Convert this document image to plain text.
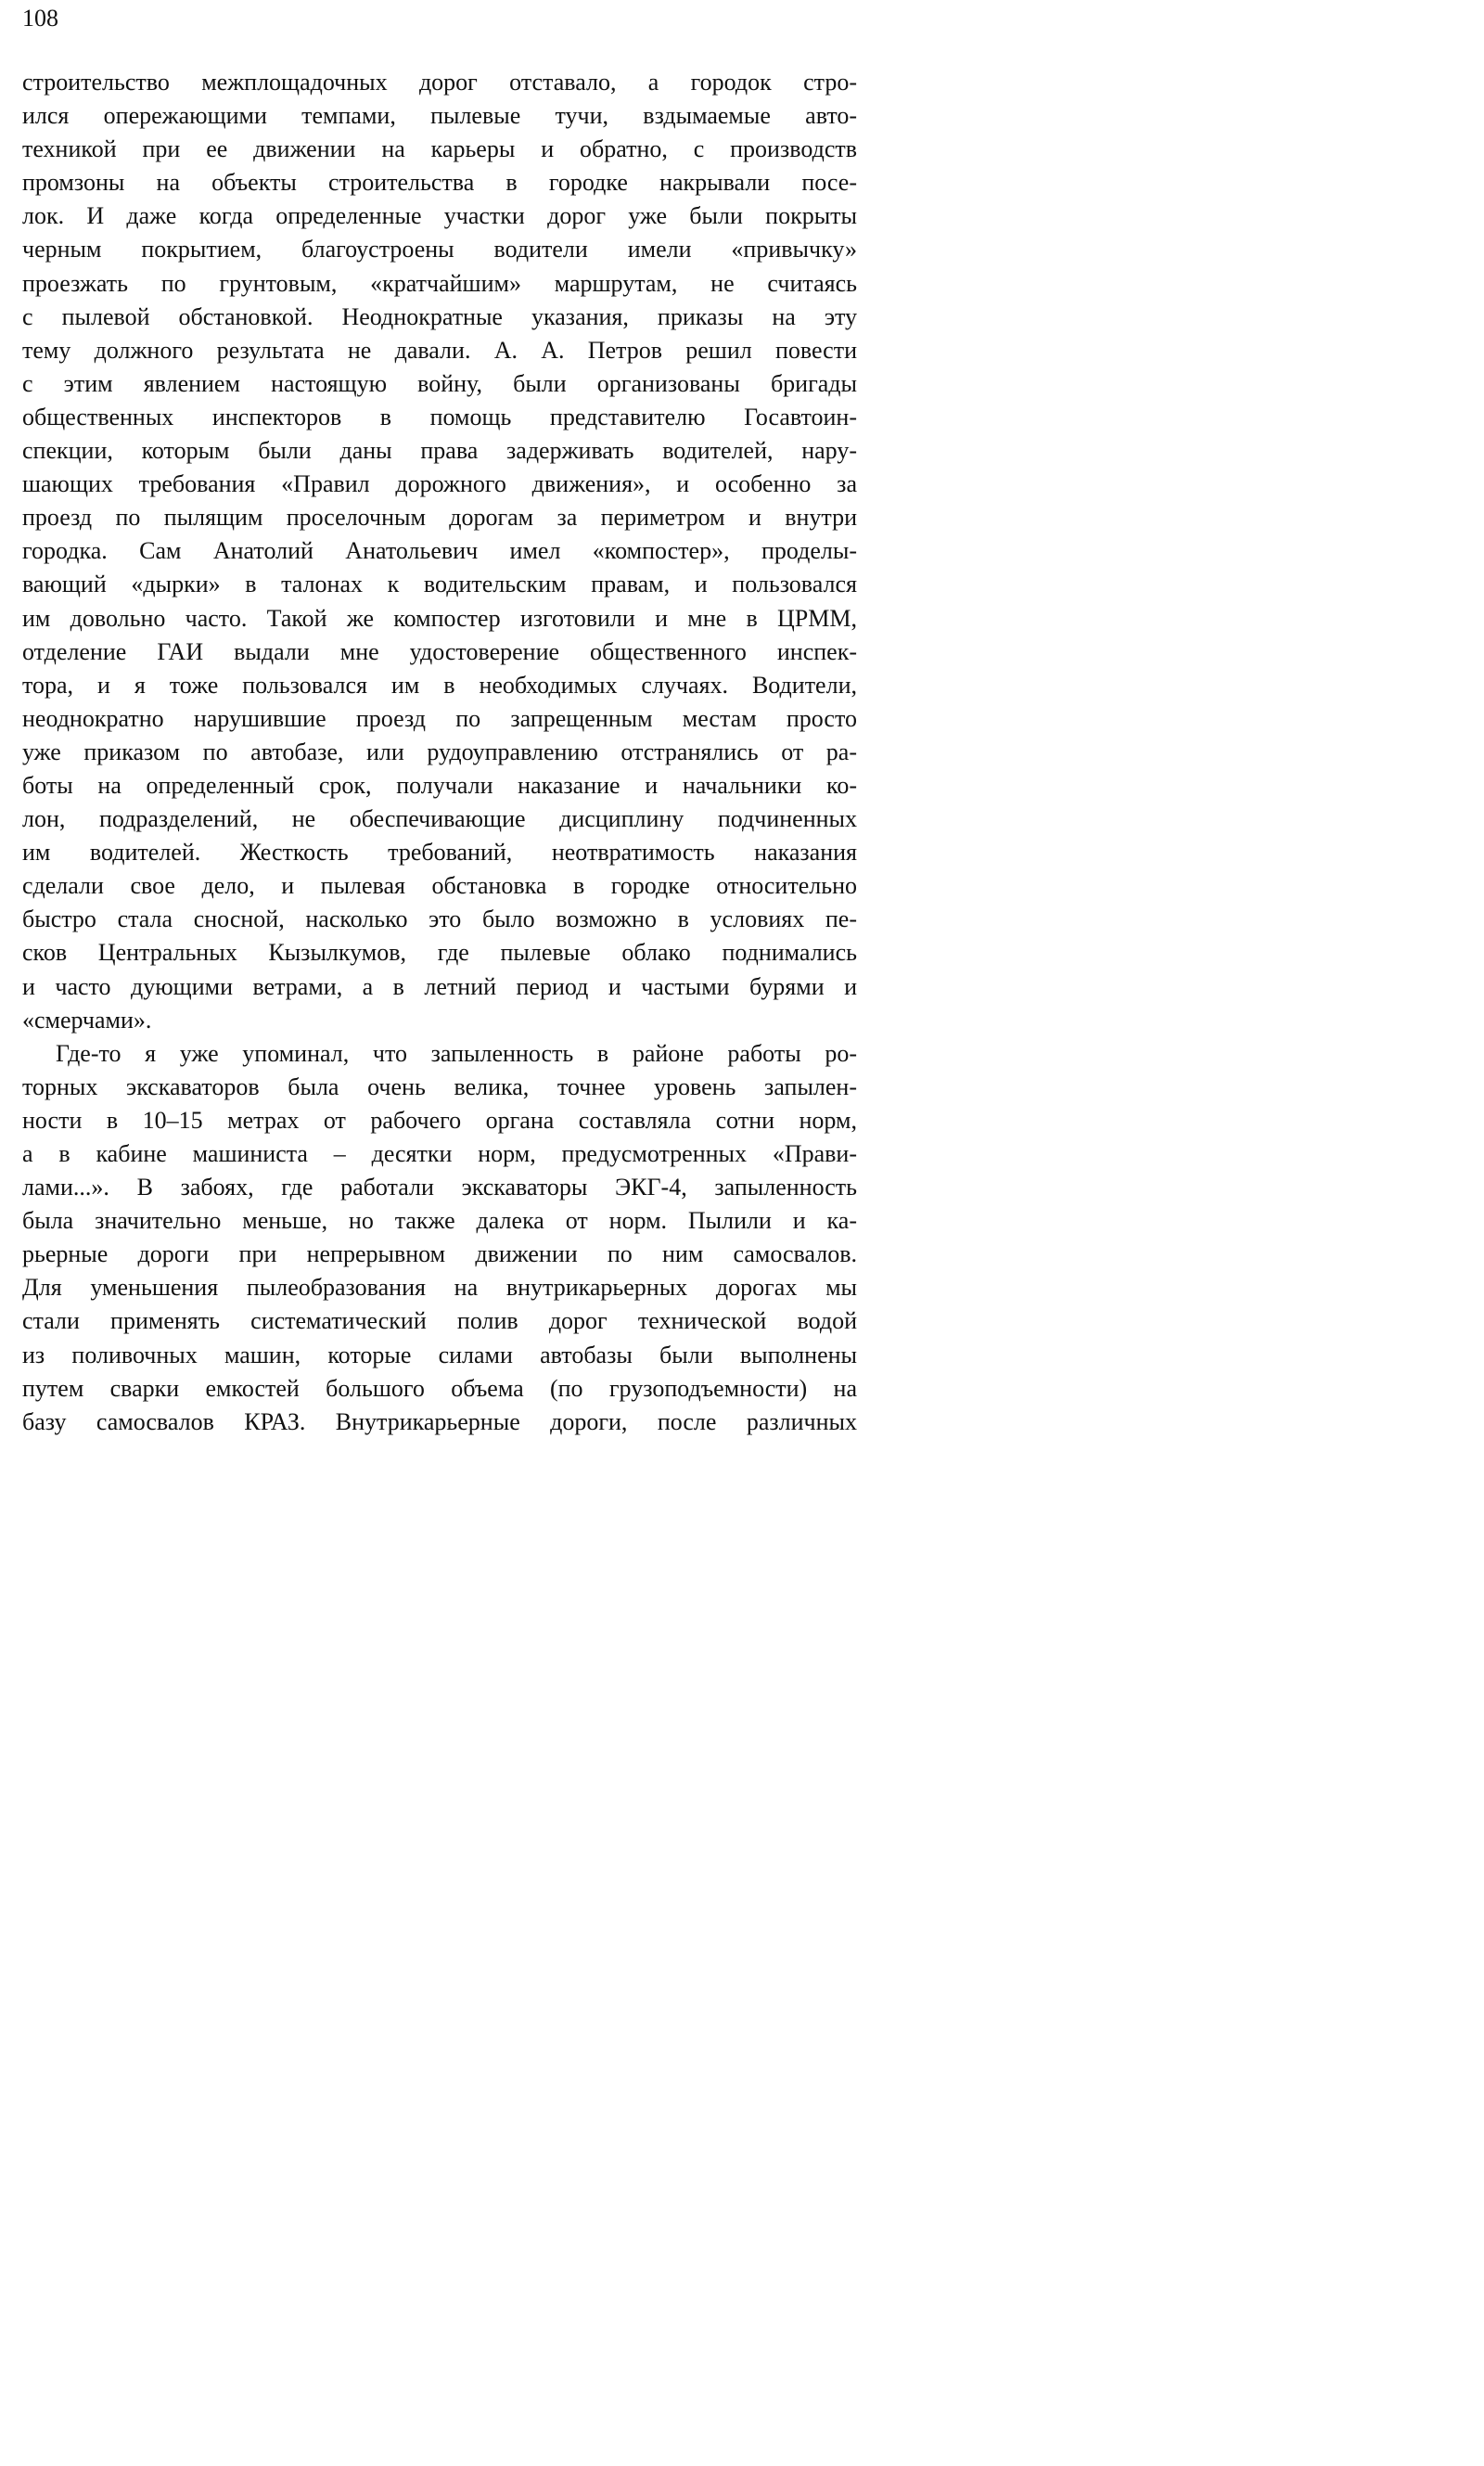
108
строительство межплощадочных дорог отставало, а городок стро-
ился опережающими темпами, пылевые тучи, вздымаемые авто-
техникой при ее движении на карьеры и обратно, с производств
промзоны на объекты строительства в городке накрывали посе-
лок. И даже когда определенные участки дорог уже были покрыты
черным покрытием, благоустроены водители имели «привычку»
проезжать по грунтовым, «кратчайшим» маршрутам, не считаясь
с пылевой обстановкой. Неоднократные указания, приказы на эту
тему должного результата не давали. А. А. Петров решил повести
с этим явлением настоящую войну, были организованы бригады
общественных инспекторов в помощь представителю Госавтоин-
спекции, которым были даны права задерживать водителей, нару-
шающих требования «Правил дорожного движения», и особенно за
проезд по пылящим проселочным дорогам за периметром и внутри
городка. Сам Анатолий Анатольевич имел «компостер», проделы-
вающий «дырки» в талонах к водительским правам, и пользовался
им довольно часто. Такой же компостер изготовили и мне в ЦРММ,
отделение ГАИ выдали мне удостоверение общественного инспек-
тора, и я тоже пользовался им в необходимых случаях. Водители,
неоднократно нарушившие проезд по запрещенным местам просто
уже приказом по автобазе, или рудоуправлению отстранялись от ра-
боты на определенный срок, получали наказание и начальники ко-
лон, подразделений, не обеспечивающие дисциплину подчиненных
им водителей. Жесткость требований, неотвратимость наказания
сделали свое дело, и пылевая обстановка в городке относительно
быстро стала сносной, насколько это было возможно в условиях пе-
сков Центральных Кызылкумов, где пылевые облако поднимались
и часто дующими ветрами, а в летний период и частыми бурями и
«смерчами».
Где-то я уже упоминал, что запыленность в районе работы ро-
торных экскаваторов была очень велика, точнее уровень запылен-
ности в 10–15 метрах от рабочего органа составляла сотни норм,
а в кабине машиниста – десятки норм, предусмотренных «Прави-
лами...». В забоях, где работали экскаваторы ЭКГ-4, запыленность
была значительно меньше, но также далека от норм. Пылили и ка-
рьерные дороги при непрерывном движении по ним самосвалов.
Для уменьшения пылеобразования на внутрикарьерных дорогах мы
стали применять систематический полив дорог технической водой
из поливочных машин, которые силами автобазы были выполнены
путем сварки емкостей большого объема (по грузоподъемности) на
базу самосвалов КРАЗ. Внутрикарьерные дороги, после различных
